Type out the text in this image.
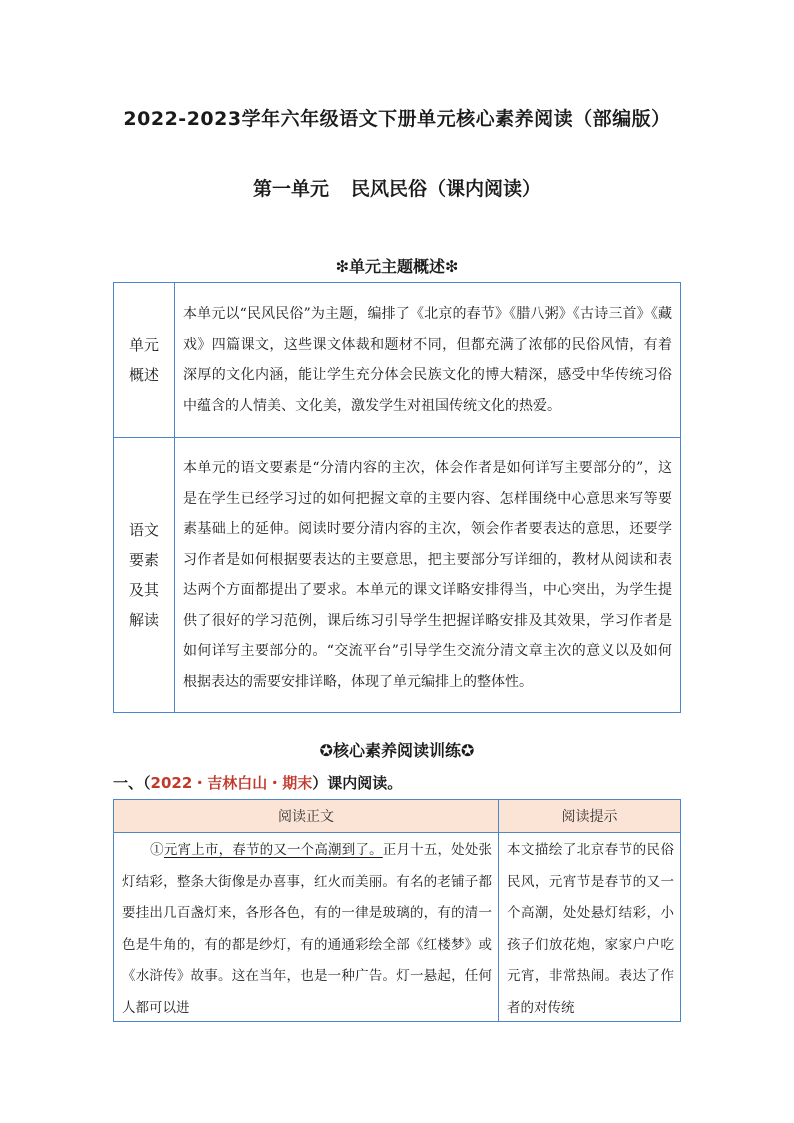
2022-2023学年六年级语文下册单元核心素养阅读（部编版）
第一单元 民风民俗（课内阅读）
❇单元主题概述❇
单元概述	本单元以“民风民俗”为主题，编排了《北京的春节》《腊八粥》《古诗三首》《藏戏》四篇课文，这些课文体裁和题材不同，但都充满了浓郁的民俗风情，有着深厚的文化内涵，能让学生充分体会民族文化的博大精深，感受中华传统习俗中蕴含的人情美、文化美，激发学生对祖国传统文化的热爱。
语文要素及其解读	本单元的语文要素是“分清内容的主次，体会作者是如何详写主要部分的”，这是在学生已经学习过的如何把握文章的主要内容、怎样围绕中心意思来写等要素基础上的延伸。阅读时要分清内容的主次，领会作者要表达的意思，还要学习作者是如何根据要表达的主要意思，把主要部分写详细的，教材从阅读和表达两个方面都提出了要求。本单元的课文详略安排得当，中心突出，为学生提供了很好的学习范例，课后练习引导学生把握详略安排及其效果，学习作者是如何详写主要部分的。“交流平台”引导学生交流分清文章主次的意义以及如何根据表达的需要安排详略，体现了单元编排上的整体性。
✪核心素养阅读训练✪
一、（2022・吉林白山・期末）课内阅读。
阅读正文	阅读提示

①元宵上市，春节的又一个高潮到了。正月十五，处处张灯结彩，整条大街像是办喜事，红火而美丽。有名的老铺子都要挂出几百盏灯来，各形各色，有的一律是玻璃的，有的清一色是牛角的，有的都是纱灯，有的通通彩绘全部《红楼梦》或《水浒传》故事。这在当年，也是一种广告。灯一悬起，任何人都可以进	本文描绘了北京春节的民俗民风，元宵节是春节的又一个高潮，处处悬灯结彩，小孩子们放花炮，家家户户吃元宵，非常热闹。表达了作者的对传统
